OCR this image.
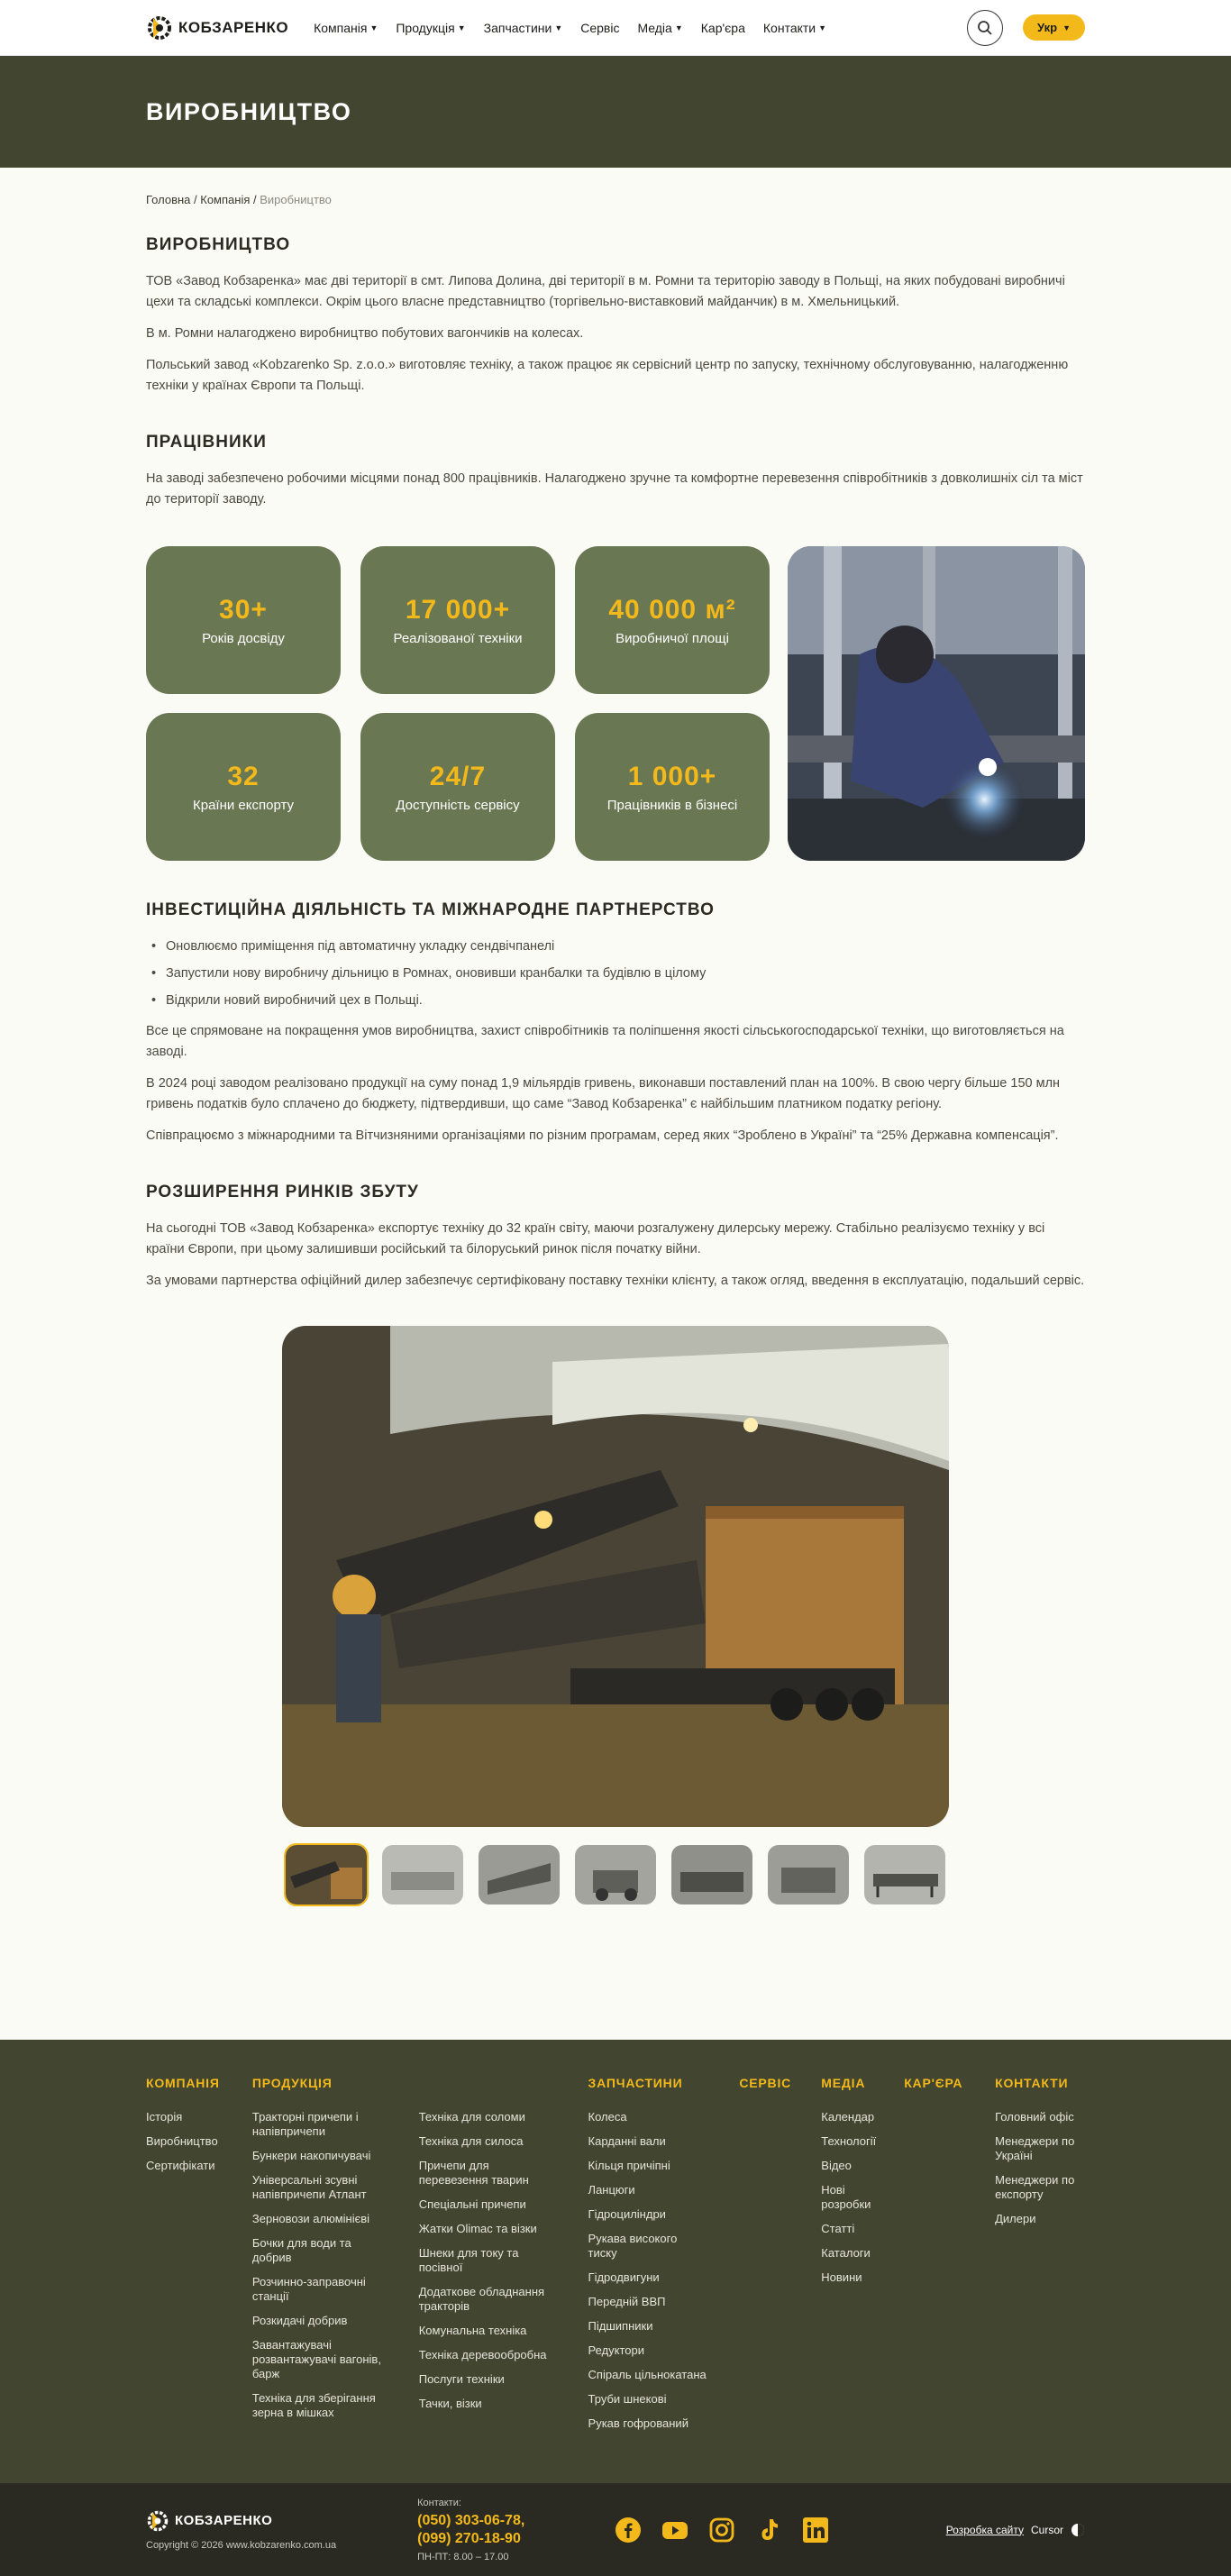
КОБЗАРЕНКО Компанія ▼ Продукція ▼ Запчастини ▼ Сервіс Медіа ▼ Кар'єра Контакти ▼	Укр ▼
ВИРОБНИЦТВО
Головна / Компанія / Виробництво
ВИРОБНИЦТВО

ТОВ «Завод Кобзаренка» має дві території в смт. Липова Долина, дві території в м. Ромни та територію заводу в Польщі, на яких побудовані виробничі цехи та складські комплекси. Окрім цього власне представництво (торгівельно-виставковий майданчик) в м. Хмельницький.

В м. Ромни налагоджено виробництво побутових вагончиків на колесах.

Польський завод «Kobzarenko Sp. z.o.o.» виготовляє техніку, а також працює як сервісний центр по запуску, технічному обслуговуванню, налагодженню техніки у країнах Європи та Польщі.

ПРАЦІВНИКИ

На заводі забезпечено робочими місцями понад 800 працівників. Налагоджено зручне та комфортне перевезення співробітників з довколишніх сіл та міст до території заводу.

30+
Років досвіду
17 000+
Реалізованої техніки
40 000 м²
Виробничої площі
32
Країни експорту
24/7
Доступність сервісу
1 000+
Працівників в бізнесі
ІНВЕСТИЦІЙНА ДІЯЛЬНІСТЬ ТА МІЖНАРОДНЕ ПАРТНЕРСТВО
• Оновлюємо приміщення під автоматичну укладку сендвічпанелі
• Запустили нову виробничу дільницю в Ромнах, оновивши кранбалки та будівлю в цілому
• Відкрили новий виробничий цех в Польщі.

Все це спрямоване на покращення умов виробництва, захист співробітників та поліпшення якості сільськогосподарської техніки, що виготовляється на заводі.

В 2024 році заводом реалізовано продукції на суму понад 1,9 мільярдів гривень, виконавши поставлений план на 100%. В свою чергу більше 150 млн гривень податків було сплачено до бюджету, підтвердивши, що саме “Завод Кобзаренка” є найбільшим платником податку регіону.

Співпрацюємо з міжнародними та Вітчизняними організаціями по різним програмам, серед яких “Зроблено в Україні” та “25% Державна компенсація”.

РОЗШИРЕННЯ РИНКІВ ЗБУТУ

На сьогодні ТОВ «Завод Кобзаренка» експортує техніку до 32 країн світу, маючи розгалужену дилерську мережу. Стабільно реалізуємо техніку у всі країни Європи, при цьому залишивши російський та білоруський ринок після початку війни.

За умовами партнерства офіційний дилер забезпечує сертифіковану поставку техніки клієнту, а також огляд, введення в експлуатацію, подальший сервіс.

КОМПАНІЯ
Історія
Виробництво
Сертифікати
ПРОДУКЦІЯ
Тракторні причепи і напівпричепи
Бункери накопичувачі
Універсальні зсувні напівпричепи Атлант
Зерновози алюмінієві
Бочки для води та добрив
Розчинно-заправочні станції
Розкидачі добрив
Завантажувачі розвантажувачі вагонів, барж
Техніка для зберігання зерна в мішках
Техніка для соломи
Техніка для силоса
Причепи для перевезення тварин
Спеціальні причепи
Жатки Olimac та візки
Шнеки для току та посівної
Додаткове обладнання тракторів
Комунальна техніка
Техніка деревообробна
Послуги техніки
Тачки, візки
ЗАПЧАСТИНИ
Колеса
Карданні вали
Кільця причіпні
Ланцюги
Гідроциліндри
Рукава високого тиску
Гідродвигуни
Передній ВВП
Підшипники
Редуктори
Спіраль цільнокатана
Труби шнекові
Рукав гофрований
СЕРВІС	МЕДІА
Календар
Технології
Відео
Нові розробки
Статті
Каталоги
Новини
КАР'ЄРА	КОНТАКТИ
Головний офіс
Менеджери по Україні
Менеджери по експорту
Дилери
КОБЗАРЕНКО
Copyright © 2026 www.kobzarenko.com.ua
Контакти:
(050) 303-06-78,
(099) 270-18-90
ПН-ПТ: 8.00 – 17.00
Розробка сайту Cursor
